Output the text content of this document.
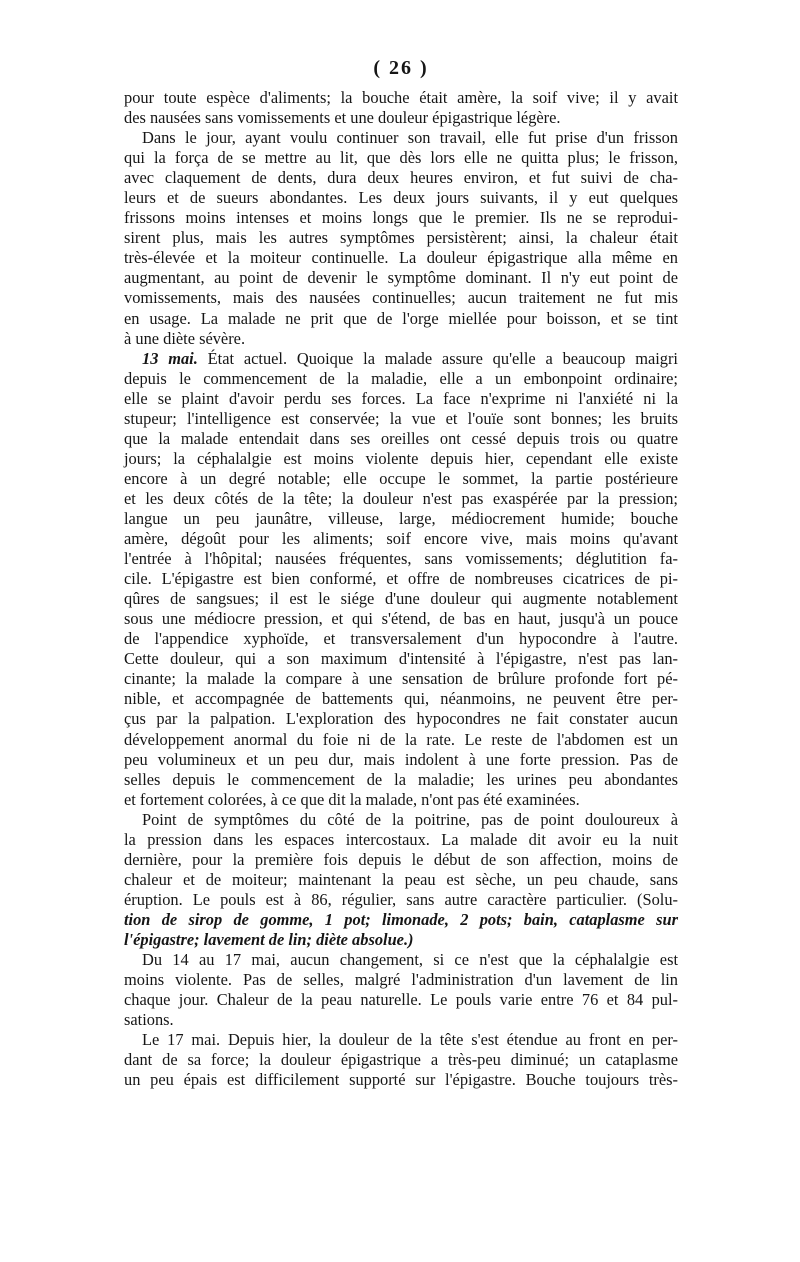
( 26 )
pour toute espèce d'aliments; la bouche était amère, la soif vive; il y avait
des nausées sans vomissements et une douleur épigastrique légère.
Dans le jour, ayant voulu continuer son travail, elle fut prise d'un frisson
qui la força de se mettre au lit, que dès lors elle ne quitta plus; le frisson,
avec claquement de dents, dura deux heures environ, et fut suivi de cha-
leurs et de sueurs abondantes. Les deux jours suivants, il y eut quelques
frissons moins intenses et moins longs que le premier. Ils ne se reprodui-
sirent plus, mais les autres symptômes persistèrent; ainsi, la chaleur était
très-élevée et la moiteur continuelle. La douleur épigastrique alla même en
augmentant, au point de devenir le symptôme dominant. Il n'y eut point de
vomissements, mais des nausées continuelles; aucun traitement ne fut mis
en usage. La malade ne prit que de l'orge miellée pour boisson, et se tint
à une diète sévère.
13 mai. État actuel. Quoique la malade assure qu'elle a beaucoup maigri
depuis le commencement de la maladie, elle a un embonpoint ordinaire;
elle se plaint d'avoir perdu ses forces. La face n'exprime ni l'anxiété ni la
stupeur; l'intelligence est conservée; la vue et l'ouïe sont bonnes; les bruits
que la malade entendait dans ses oreilles ont cessé depuis trois ou quatre
jours; la céphalalgie est moins violente depuis hier, cependant elle existe
encore à un degré notable; elle occupe le sommet, la partie postérieure
et les deux côtés de la tête; la douleur n'est pas exaspérée par la pression;
langue un peu jaunâtre, villeuse, large, médiocrement humide; bouche
amère, dégoût pour les aliments; soif encore vive, mais moins qu'avant
l'entrée à l'hôpital; nausées fréquentes, sans vomissements; déglutition fa-
cile. L'épigastre est bien conformé, et offre de nombreuses cicatrices de pi-
qûres de sangsues; il est le siége d'une douleur qui augmente notablement
sous une médiocre pression, et qui s'étend, de bas en haut, jusqu'à un pouce
de l'appendice xyphoïde, et transversalement d'un hypocondre à l'autre.
Cette douleur, qui a son maximum d'intensité à l'épigastre, n'est pas lan-
cinante; la malade la compare à une sensation de brûlure profonde fort pé-
nible, et accompagnée de battements qui, néanmoins, ne peuvent être per-
çus par la palpation. L'exploration des hypocondres ne fait constater aucun
développement anormal du foie ni de la rate. Le reste de l'abdomen est un
peu volumineux et un peu dur, mais indolent à une forte pression. Pas de
selles depuis le commencement de la maladie; les urines peu abondantes
et fortement colorées, à ce que dit la malade, n'ont pas été examinées.
Point de symptômes du côté de la poitrine, pas de point douloureux à
la pression dans les espaces intercostaux. La malade dit avoir eu la nuit
dernière, pour la première fois depuis le début de son affection, moins de
chaleur et de moiteur; maintenant la peau est sèche, un peu chaude, sans
éruption. Le pouls est à 86, régulier, sans autre caractère particulier. (Solu-
tion de sirop de gomme, 1 pot; limonade, 2 pots; bain, cataplasme sur
l'épigastre; lavement de lin; diète absolue.)
Du 14 au 17 mai, aucun changement, si ce n'est que la céphalalgie est
moins violente. Pas de selles, malgré l'administration d'un lavement de lin
chaque jour. Chaleur de la peau naturelle. Le pouls varie entre 76 et 84 pul-
sations.
Le 17 mai. Depuis hier, la douleur de la tête s'est étendue au front en per-
dant de sa force; la douleur épigastrique a très-peu diminué; un cataplasme
un peu épais est difficilement supporté sur l'épigastre. Bouche toujours très-
